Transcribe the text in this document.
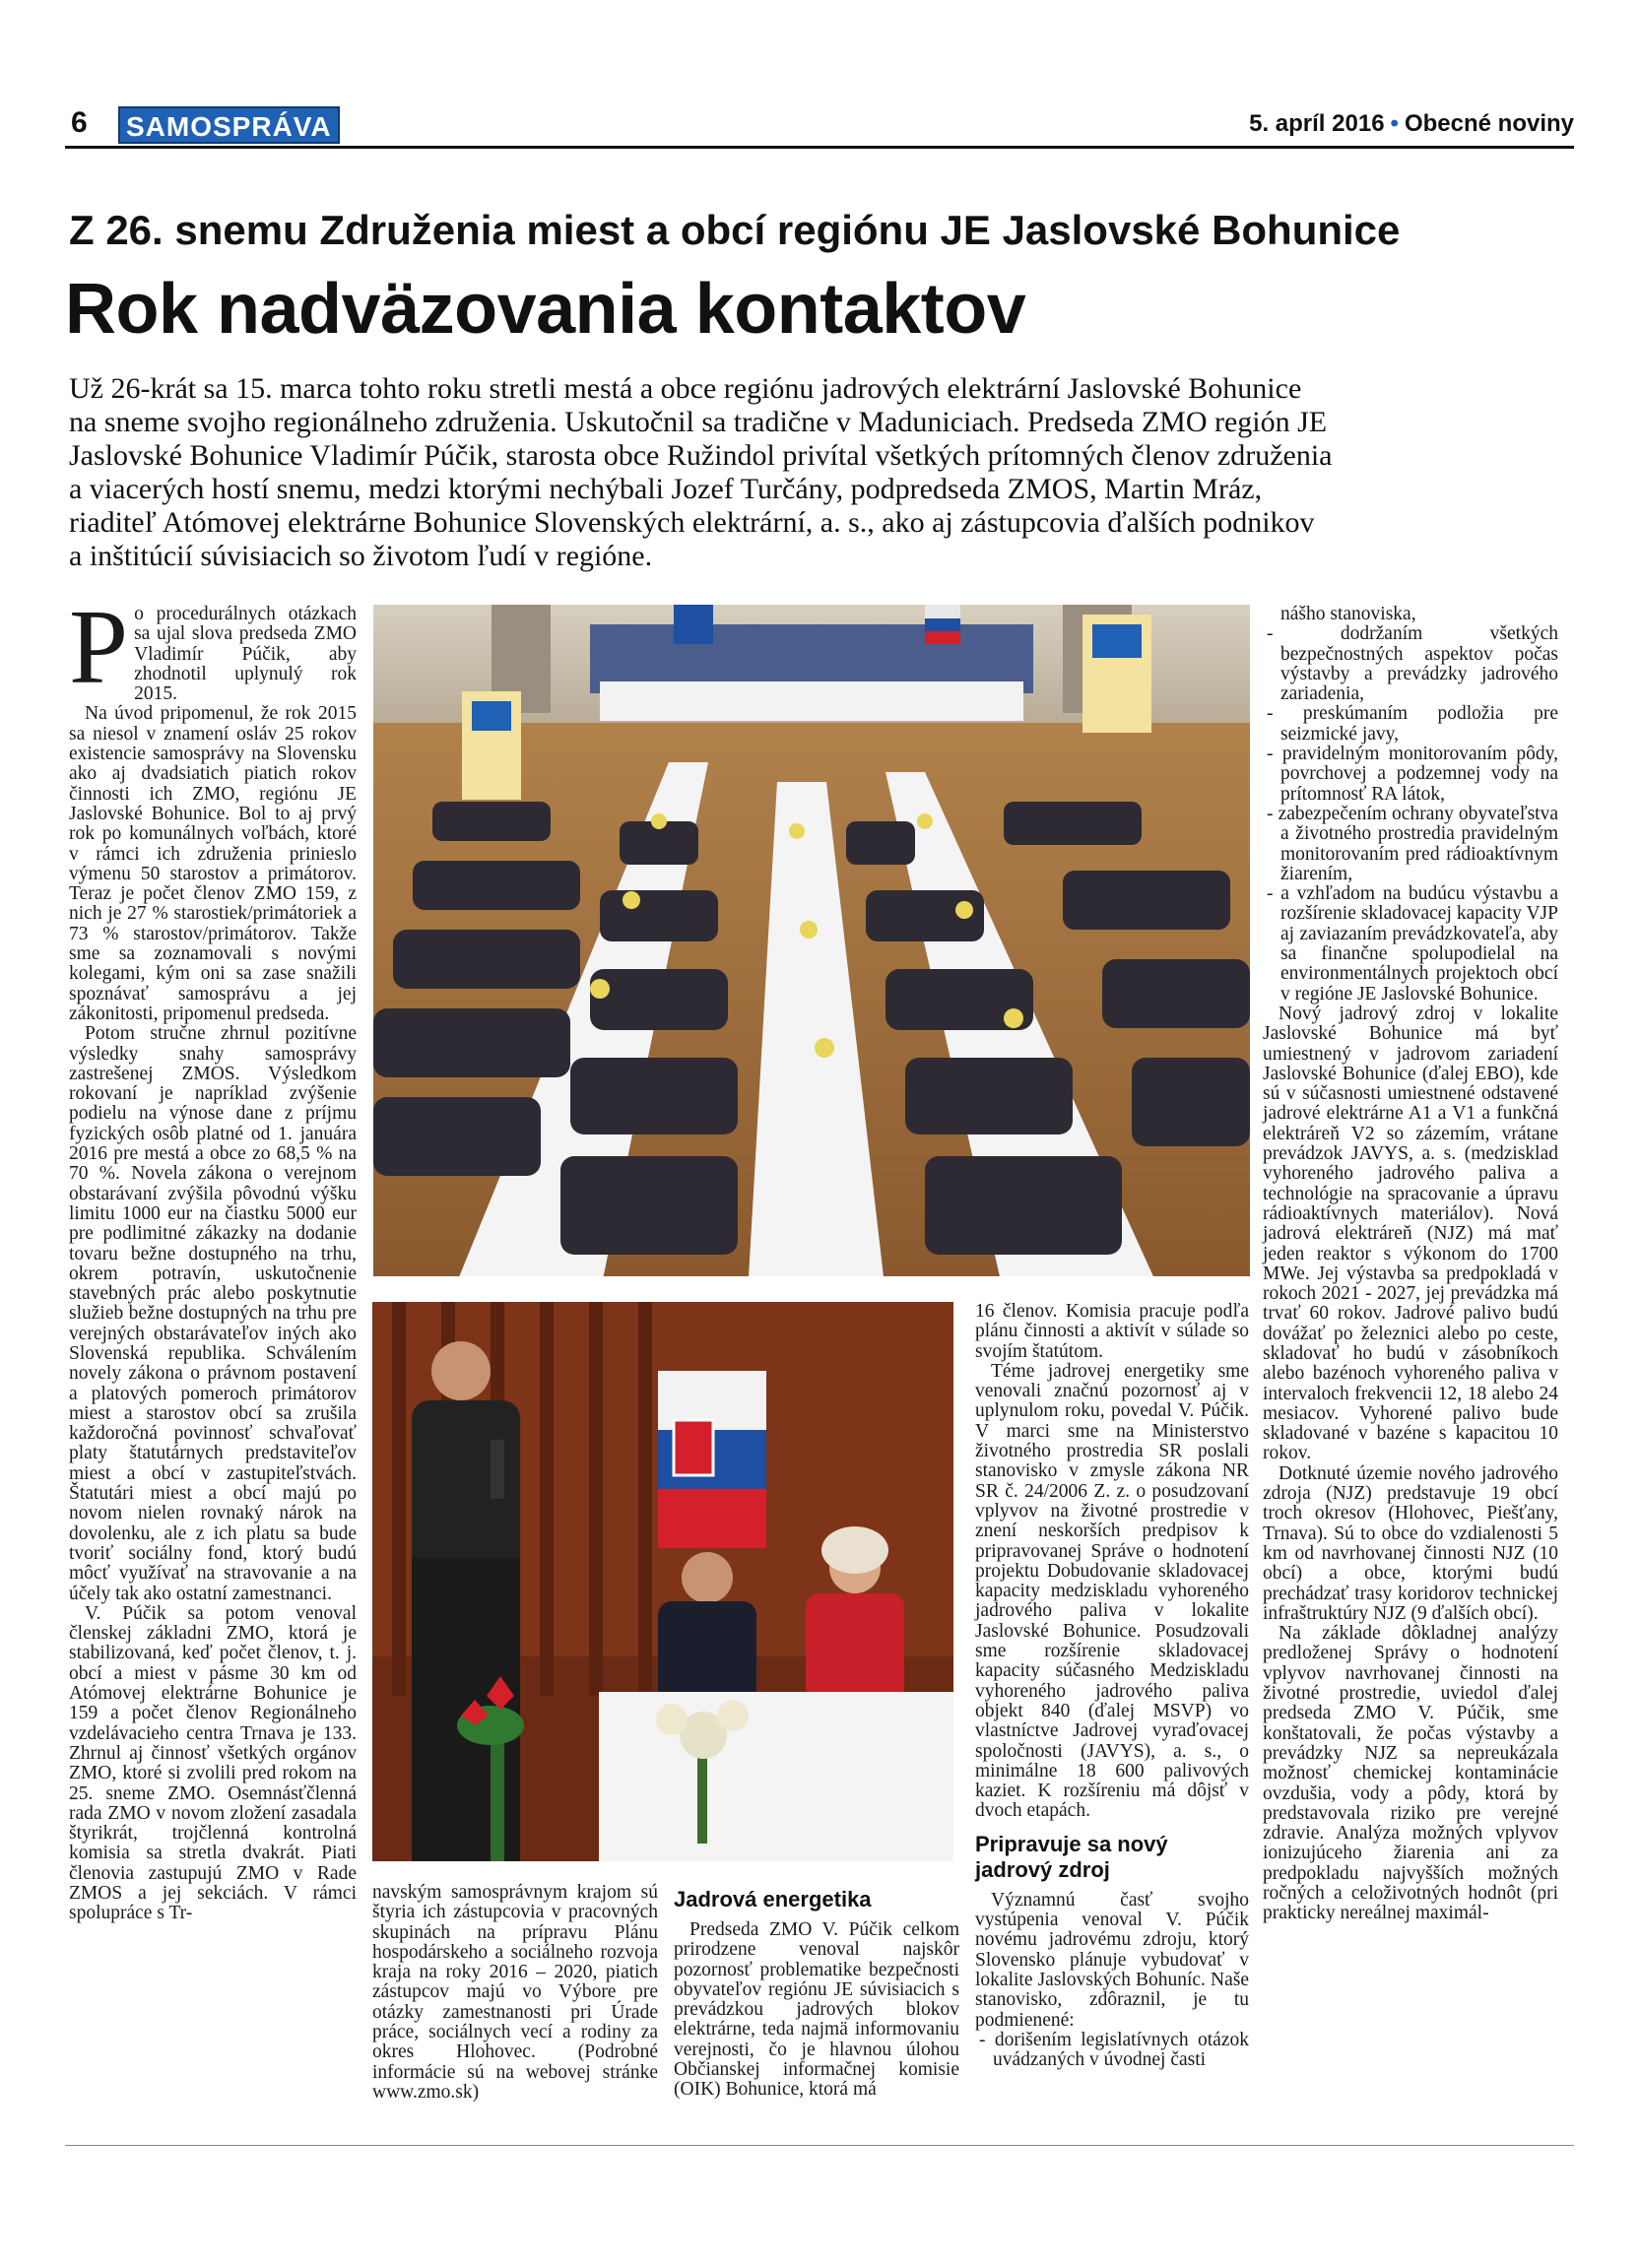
6 SAMOSPRÁVA	5. apríl 2016 • Obecné noviny
Z 26. snemu Združenia miest a obcí regiónu JE Jaslovské Bohunice
Rok nadväzovania kontaktov
Už 26-krát sa 15. marca tohto roku stretli mestá a obce regiónu jadrových elektrární Jaslovské Bohunice
na sneme svojho regionálneho združenia. Uskutočnil sa tradične v Maduniciach. Predseda ZMO región JE
Jaslovské Bohunice Vladimír Púčik, starosta obce Ružindol privítal všetkých prítomných členov združenia
a viacerých hostí snemu, medzi ktorými nechýbali Jozef Turčány, podpredseda ZMOS, Martin Mráz,
riaditeľ Atómovej elektrárne Bohunice Slovenských elektrární, a. s., ako aj zástupcovia ďalších podnikov
a inštitúcií súvisiacich so životom ľudí v regióne.

Po procedurálnych otázkach sa ujal slova predseda ZMO Vladimír Púčik, aby zhodnotil uplynulý rok 2015.

Na úvod pripomenul, že rok 2015 sa niesol v znamení osláv 25 rokov existencie samosprávy na Slovensku ako aj dvadsiatich piatich rokov činnosti ich ZMO, regiónu JE Jaslovské Bohunice. Bol to aj prvý rok po komunálnych voľbách, ktoré v rámci ich združenia prinieslo výmenu 50 starostov a primátorov. Teraz je počet členov ZMO 159, z nich je 27 % starostiek/primátoriek a 73 % starostov/primátorov. Takže sme sa zoznamovali s novými kolegami, kým oni sa zase snažili spoznávať samosprávu a jej zákonitosti, pripomenul predseda.

Potom stručne zhrnul pozitívne výsledky snahy samosprávy zastrešenej ZMOS. Výsledkom rokovaní je napríklad zvýšenie podielu na výnose dane z príjmu fyzických osôb platné od 1. januára 2016 pre mestá a obce zo 68,5 % na 70 %. Novela zákona o verejnom obstarávaní zvýšila pôvodnú výšku limitu 1000 eur na čiastku 5000 eur pre podlimitné zákazky na dodanie tovaru bežne dostupného na trhu, okrem potravín, uskutočnenie stavebných prác alebo poskytnutie služieb bežne dostupných na trhu pre verejných obstarávateľov iných ako Slovenská republika. Schválením novely zákona o právnom postavení a platových pomeroch primátorov miest a starostov obcí sa zrušila každoročná povinnosť schvaľovať platy štatutárnych predstaviteľov miest a obcí v zastupiteľstvách. Štatutári miest a obcí majú po novom nielen rovnaký nárok na dovolenku, ale z ich platu sa bude tvoriť sociálny fond, ktorý budú môcť využívať na stravovanie a na účely tak ako ostatní zamestnanci.

V. Púčik sa potom venoval členskej základni ZMO, ktorá je stabilizovaná, keď počet členov, t. j. obcí a miest v pásme 30 km od Atómovej elektrárne Bohunice je 159 a počet členov Regionálneho vzdelávacieho centra Trnava je 133. Zhrnul aj činnosť všetkých orgánov ZMO, ktoré si zvolili pred rokom na 25. sneme ZMO. Osemnásťčlenná rada ZMO v novom zložení zasadala štyrikrát, trojčlenná kontrolná komisia sa stretla dvakrát. Piati členovia zastupujú ZMO v Rade ZMOS a jej sekciách. V rámci spolupráce s Tr-

16 členov. Komisia pracuje podľa plánu činnosti a aktivít v súlade so svojím štatútom.

Téme jadrovej energetiky sme venovali značnú pozornosť aj v uplynulom roku, povedal V. Púčik. V marci sme na Ministerstvo životného prostredia SR poslali stanovisko v zmysle zákona NR SR č. 24/2006 Z. z. o posudzovaní vplyvov na životné prostredie v znení neskorších predpisov k pripravovanej Správe o hodnotení projektu Dobudovanie skladovacej kapacity medziskladu vyhoreného jadrového paliva v lokalite Jaslovské Bohunice. Posudzovali sme rozšírenie skladovacej kapacity súčasného Medziskladu vyhoreného jadrového paliva objekt 840 (ďalej MSVP) vo vlastníctve Jadrovej vyraďovacej spoločnosti (JAVYS), a. s., o minimálne 18 600 palivových kaziet. K rozšíreniu má dôjsť v dvoch etapách.

Pripravuje sa nový jadrový zdroj

Významnú časť svojho vystúpenia venoval V. Púčik novému jadrovému zdroju, ktorý Slovensko plánuje vybudovať v lokalite Jaslovských Bohuníc. Naše stanovisko, zdôraznil, je tu podmienené:

- dorišením legislatívnych otázok uvádzaných v úvodnej časti

navským samosprávnym krajom sú štyria ich zástupcovia v pracovných skupinách na prípravu Plánu hospodárskeho a sociálneho rozvoja kraja na roky 2016 – 2020, piatich zástupcov majú vo Výbore pre otázky zamestnanosti pri Úrade práce, sociálnych vecí a rodiny za okres Hlohovec. (Podrobné informácie sú na webovej stránke www.zmo.sk)

Jadrová energetika

Predseda ZMO V. Púčik celkom prirodzene venoval najskôr pozornosť problematike bezpečnosti obyvateľov regiónu JE súvisiacich s prevádzkou jadrových blokov elektrárne, teda najmä informovaniu verejnosti, čo je hlavnou úlohou Občianskej informačnej komisie (OIK) Bohunice, ktorá má

nášho stanoviska,

- dodržaním všetkých bezpečnostných aspektov počas výstavby a prevádzky jadrového zariadenia,
- preskúmaním podložia pre seizmické javy,
- pravidelným monitorovaním pôdy, povrchovej a podzemnej vody na prítomnosť RA látok,
- zabezpečením ochrany obyvateľstva a životného prostredia pravidelným monitorovaním pred rádioaktívnym žiarením,
- a vzhľadom na budúcu výstavbu a rozšírenie skladovacej kapacity VJP aj zaviazaním prevádzkovateľa, aby sa finančne spolupodielal na environmentálnych projektoch obcí v regióne JE Jaslovské Bohunice.

Nový jadrový zdroj v lokalite Jaslovské Bohunice má byť umiestnený v jadrovom zariadení Jaslovské Bohunice (ďalej EBO), kde sú v súčasnosti umiestnené odstavené jadrové elektrárne A1 a V1 a funkčná elektráreň V2 so zázemím, vrátane prevádzok JAVYS, a. s. (medzisklad vyhoreného jadrového paliva a technológie na spracovanie a úpravu rádioaktívnych materiálov). Nová jadrová elektráreň (NJZ) má mať jeden reaktor s výkonom do 1700 MWe. Jej výstavba sa predpokladá v rokoch 2021 - 2027, jej prevádzka má trvať 60 rokov. Jadrové palivo budú dovážať po železnici alebo po ceste, skladovať ho budú v zásobníkoch alebo bazénoch vyhoreného paliva v intervaloch frekvencii 12, 18 alebo 24 mesiacov. Vyhorené palivo bude skladované v bazéne s kapacitou 10 rokov.

Dotknuté územie nového jadrového zdroja (NJZ) predstavuje 19 obcí troch okresov (Hlohovec, Piešťany, Trnava). Sú to obce do vzdialenosti 5 km od navrhovanej činnosti NJZ (10 obcí) a obce, ktorými budú prechádzať trasy koridorov technickej infraštruktúry NJZ (9 ďalších obcí).

Na základe dôkladnej analýzy predloženej Správy o hodnotení vplyvov navrhovanej činnosti na životné prostredie, uviedol ďalej predseda ZMO V. Púčik, sme konštatovali, že počas výstavby a prevádzky NJZ sa nepreukázala možnosť chemickej kontaminácie ovzdušia, vody a pôdy, ktorá by predstavovala riziko pre verejné zdravie. Analýza možných vplyvov ionizujúceho žiarenia ani za predpokladu najvyšších možných ročných a celoživotných hodnôt (pri prakticky nereálnej maximál-
